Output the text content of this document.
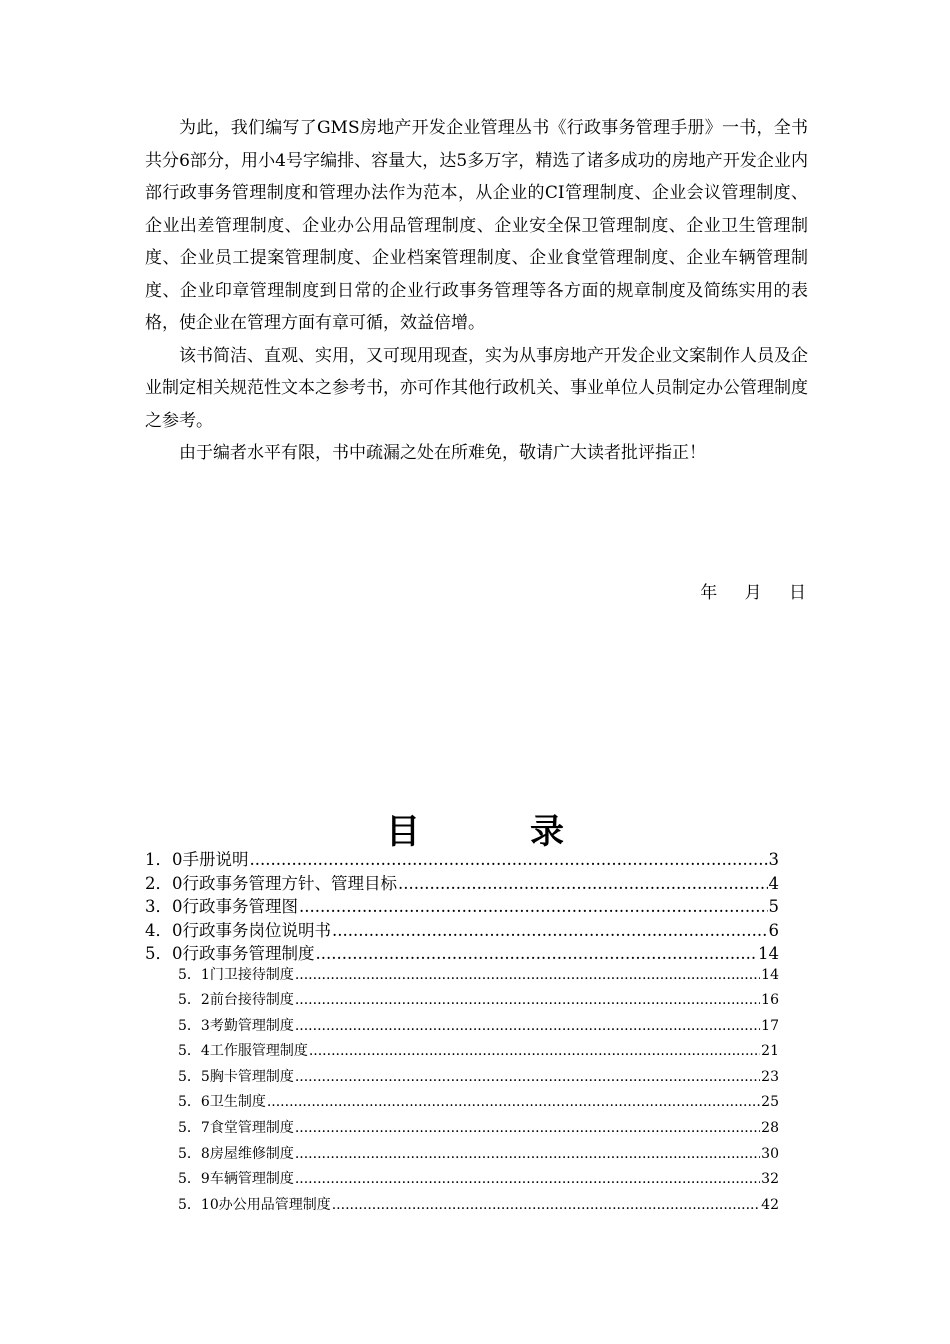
为此，我们编写了GMS房地产开发企业管理丛书《行政事务管理手册》一书，全书共分6部分，用小4号字编排、容量大，达5多万字，精选了诸多成功的房地产开发企业内部行政事务管理制度和管理办法作为范本，从企业的CI管理制度、企业会议管理制度、企业出差管理制度、企业办公用品管理制度、企业安全保卫管理制度、企业卫生管理制度、企业员工提案管理制度、企业档案管理制度、企业食堂管理制度、企业车辆管理制度、企业印章管理制度到日常的企业行政事务管理等各方面的规章制度及简练实用的表格，使企业在管理方面有章可循，效益倍增。

该书简洁、直观、实用，又可现用现查，实为从事房地产开发企业文案制作人员及企业制定相关规范性文本之参考书，亦可作其他行政机关、事业单位人员制定办公管理制度之参考。

由于编者水平有限，书中疏漏之处在所难免，敬请广大读者批评指正！

年 月 日
目	录
1．0手册说明 .....	3
2．0行政事务管理方针、管理目标 .....	4
3．0行政事务管理图 .....	5
4．0行政事务岗位说明书 .....	6
5．0行政事务管理制度 .....	14
5．1门卫接待制度 .....	14
5．2前台接待制度 .....	16
5．3考勤管理制度 .....	17
5．4工作服管理制度 .....	21
5．5胸卡管理制度 .....	23
5．6卫生制度 .....	25
5．7食堂管理制度 .....	28
5．8房屋维修制度 .....	30
5．9车辆管理制度 .....	32
5．10办公用品管理制度 .....	42
